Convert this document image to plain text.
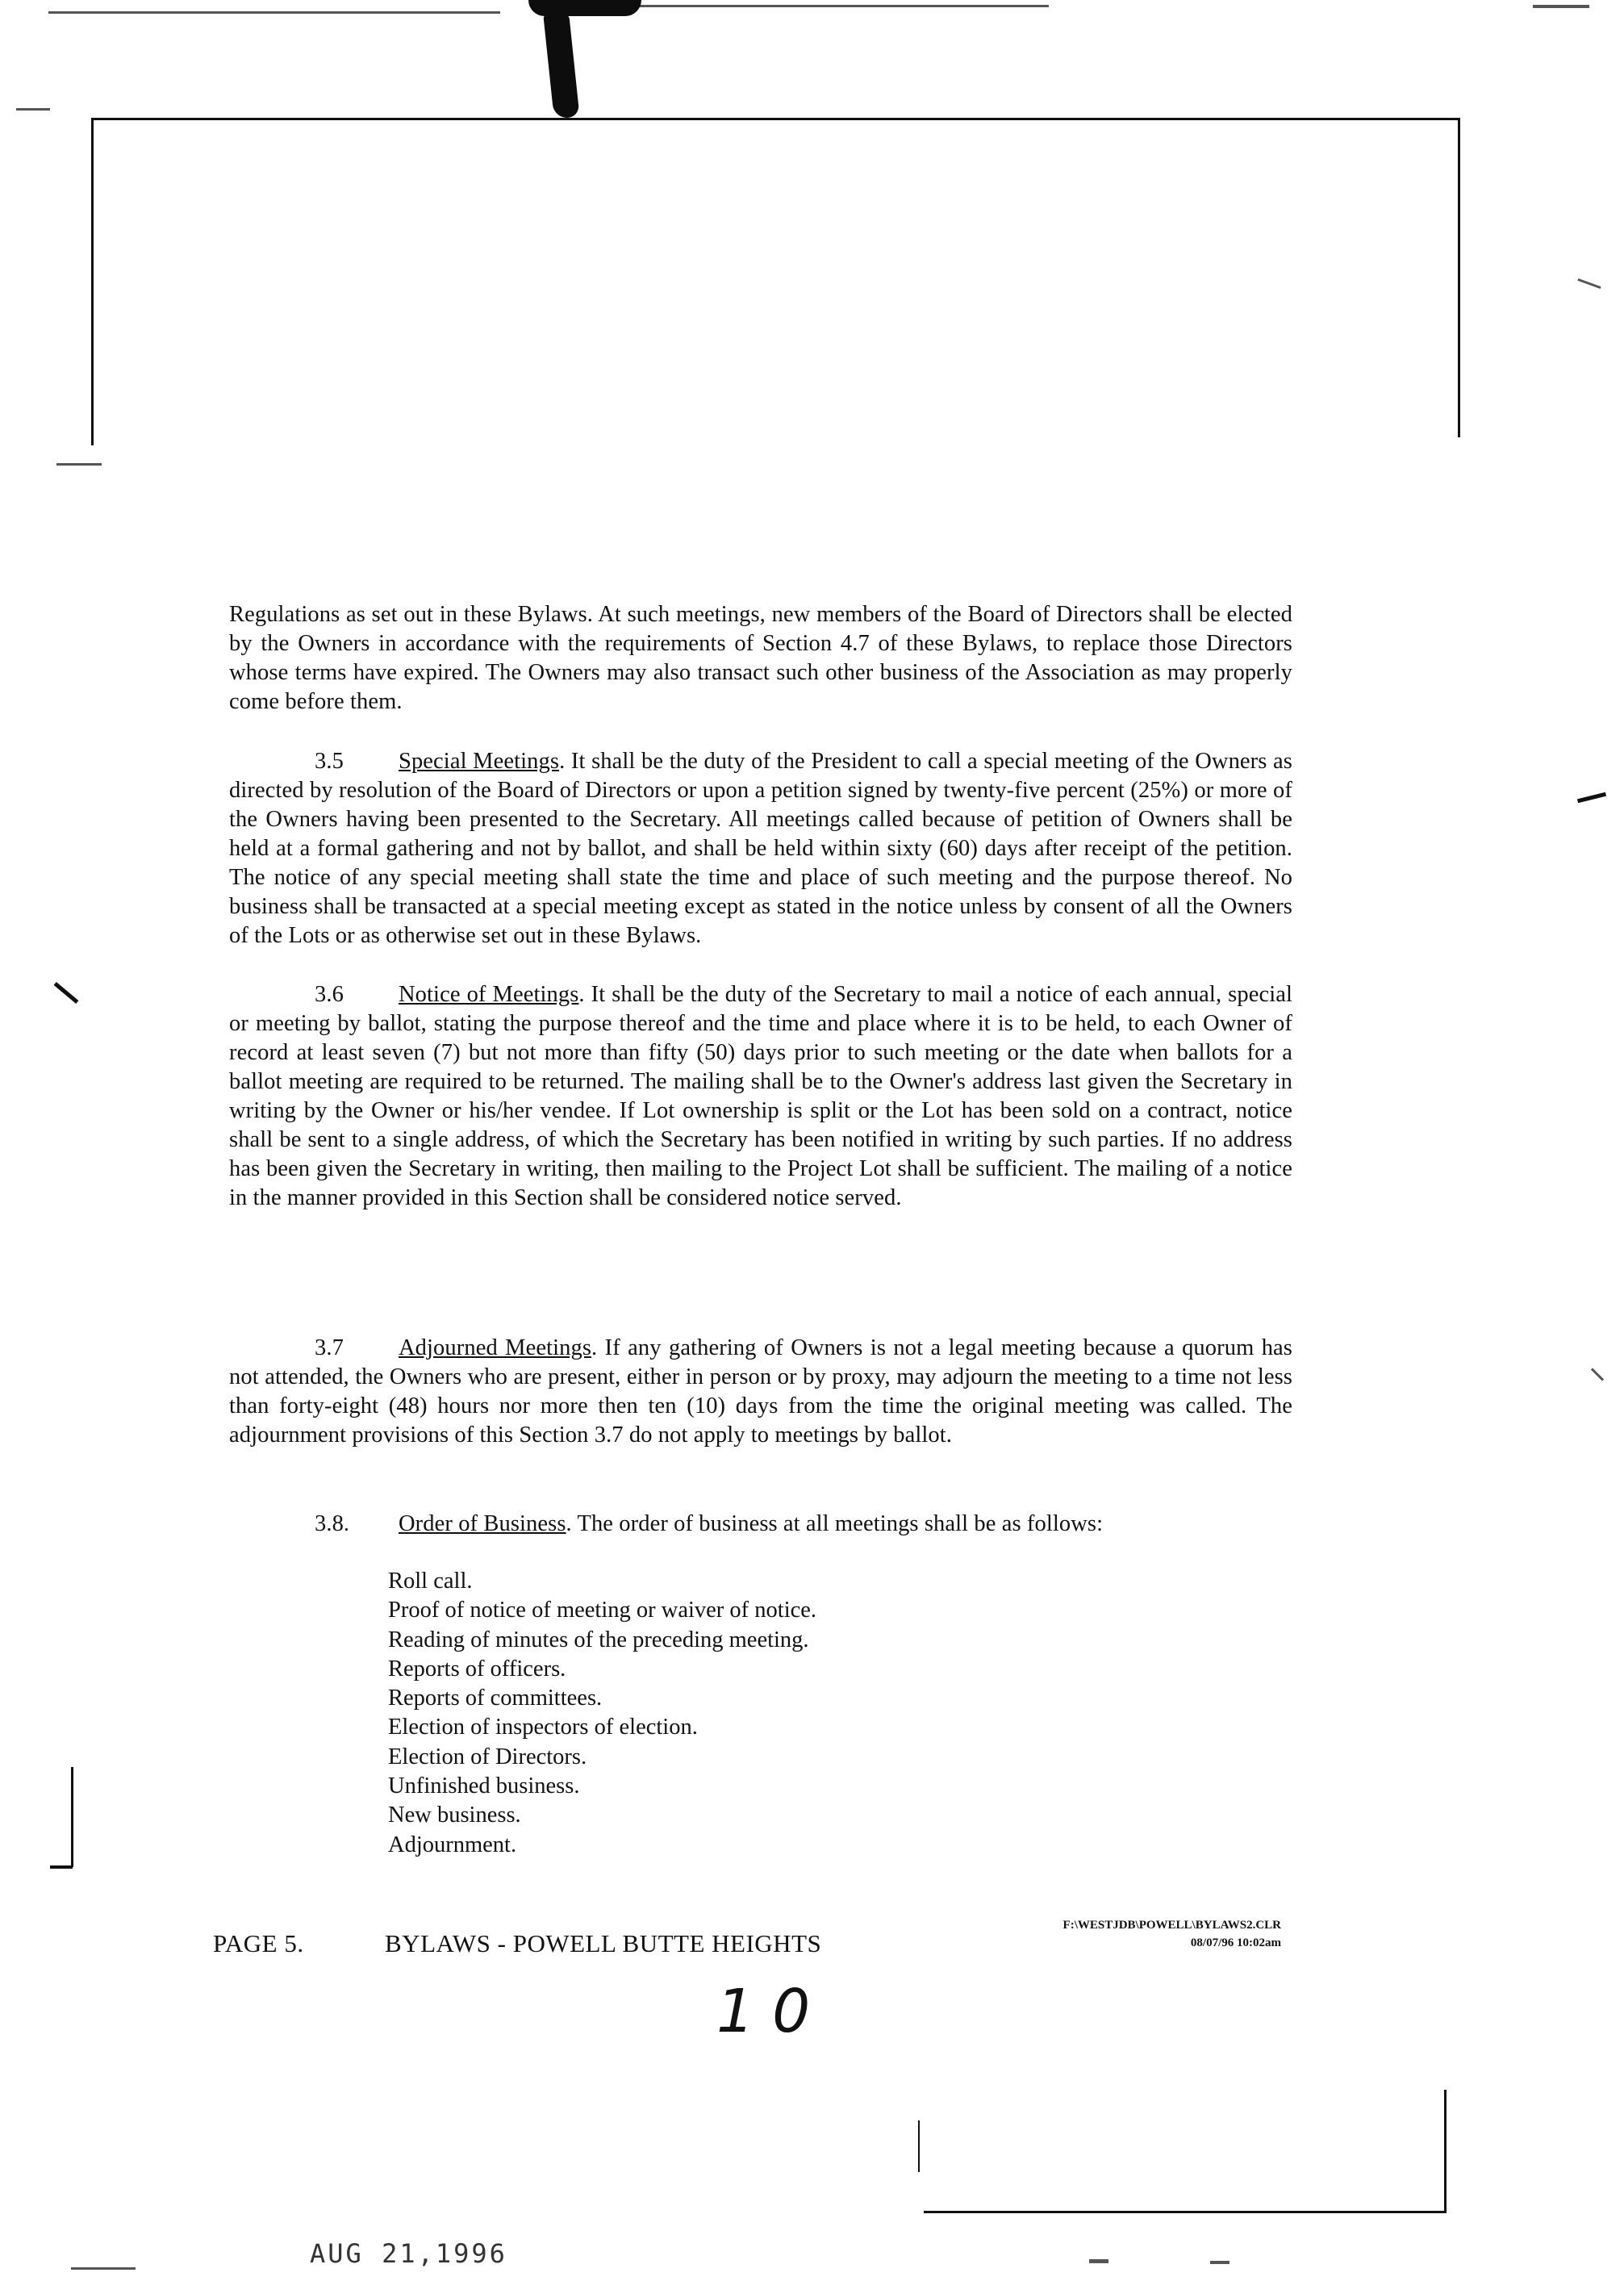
Regulations as set out in these Bylaws. At such meetings, new members of the Board of Directors shall be elected by the Owners in accordance with the requirements of Section 4.7 of these Bylaws, to replace those Directors whose terms have expired. The Owners may also transact such other business of the Association as may properly come before them.
3.5 Special Meetings. It shall be the duty of the President to call a special meeting of the Owners as directed by resolution of the Board of Directors or upon a petition signed by twenty-five percent (25%) or more of the Owners having been presented to the Secretary. All meetings called because of petition of Owners shall be held at a formal gathering and not by ballot, and shall be held within sixty (60) days after receipt of the petition. The notice of any special meeting shall state the time and place of such meeting and the purpose thereof. No business shall be transacted at a special meeting except as stated in the notice unless by consent of all the Owners of the Lots or as otherwise set out in these Bylaws.
3.6 Notice of Meetings. It shall be the duty of the Secretary to mail a notice of each annual, special or meeting by ballot, stating the purpose thereof and the time and place where it is to be held, to each Owner of record at least seven (7) but not more than fifty (50) days prior to such meeting or the date when ballots for a ballot meeting are required to be returned. The mailing shall be to the Owner's address last given the Secretary in writing by the Owner or his/her vendee. If Lot ownership is split or the Lot has been sold on a contract, notice shall be sent to a single address, of which the Secretary has been notified in writing by such parties. If no address has been given the Secretary in writing, then mailing to the Project Lot shall be sufficient. The mailing of a notice in the manner provided in this Section shall be considered notice served.
3.7 Adjourned Meetings. If any gathering of Owners is not a legal meeting because a quorum has not attended, the Owners who are present, either in person or by proxy, may adjourn the meeting to a time not less than forty-eight (48) hours nor more then ten (10) days from the time the original meeting was called. The adjournment provisions of this Section 3.7 do not apply to meetings by ballot.
3.8. Order of Business. The order of business at all meetings shall be as follows:
Roll call.
Proof of notice of meeting or waiver of notice.
Reading of minutes of the preceding meeting.
Reports of officers.
Reports of committees.
Election of inspectors of election.
Election of Directors.
Unfinished business.
New business.
Adjournment.
PAGE 5.	BYLAWS - POWELL BUTTE HEIGHTS
F:\WESTJDB\POWELL\BYLAWS2.CLR
08/07/96 10:02am
10
AUG 21,1996
